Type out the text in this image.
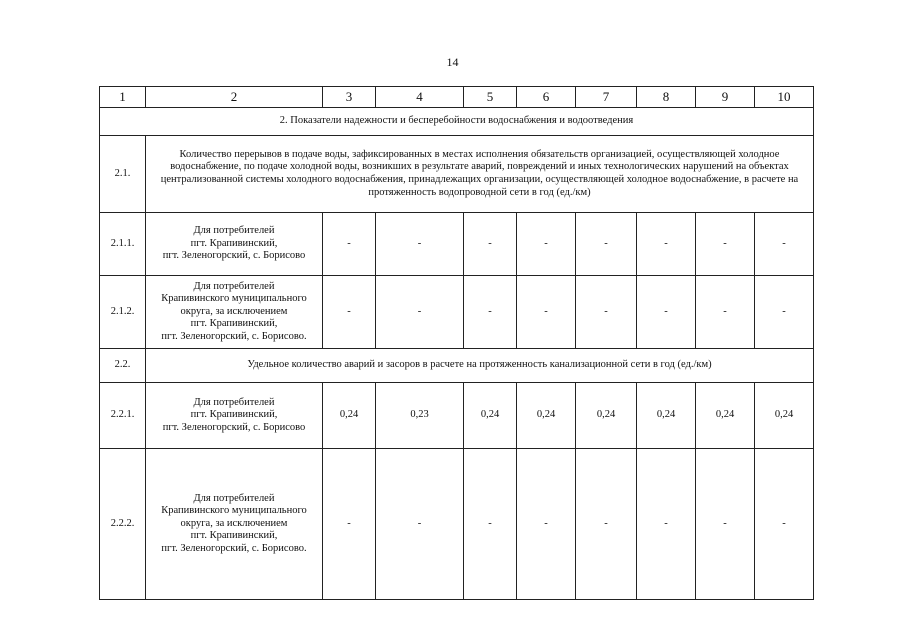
14
1	2	3	4	5	6	7	8	9	10
2. Показатели надежности и бесперебойности водоснабжения и водоотведения									
2.1.	Количество перерывов в подаче воды, зафиксированных в местах исполнения обязательств организацией, осуществляющей холодное водоснабжение, по подаче холодной воды, возникших в результате аварий, повреждений и иных технологических нарушений на объектах централизованной системы холодного водоснабжения, принадлежащих организации, осуществляющей холодное водоснабжение, в расчете на протяженность водопроводной сети в год (ед./км)								
2.1.1.	Для потребителей
пгт. Крапивинский,
пгт. Зеленогорский, с. Борисово	-	-	-	-	-	-	-	-
2.1.2.	Для потребителей
Крапивинского муниципального
округа, за исключением
пгт. Крапивинский,
пгт. Зеленогорский, с. Борисово.	-	-	-	-	-	-	-	-
2.2.	Удельное количество аварий и засоров в расчете на протяженность канализационной сети в год (ед./км)								
2.2.1.	Для потребителей
пгт. Крапивинский,
пгт. Зеленогорский, с. Борисово	0,24	0,23	0,24	0,24	0,24	0,24	0,24	0,24
2.2.2.	Для потребителей
Крапивинского муниципального
округа, за исключением
пгт. Крапивинский,
пгт. Зеленогорский, с. Борисово.	-	-	-	-	-	-	-	-
